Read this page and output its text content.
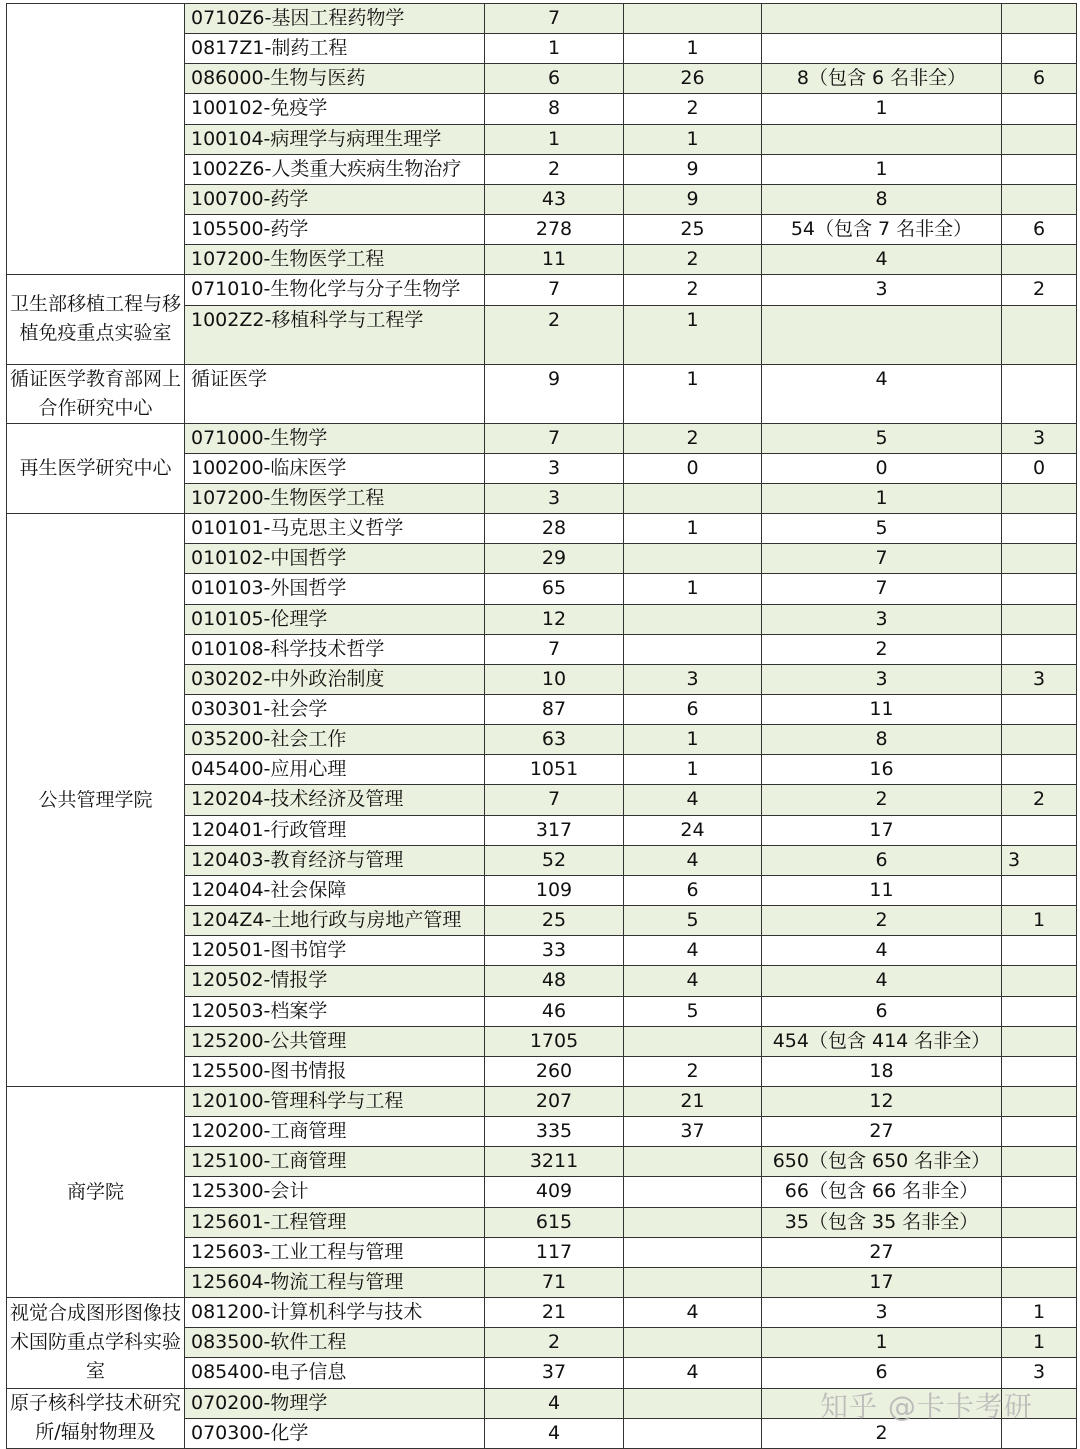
	0710Z6-基因工程药物学	7			
	0817Z1-制药工程	1	1		
	086000-生物与医药	6	26	8（包含 6 名非全）	6
	100102-免疫学	8	2	1	
	100104-病理学与病理生理学	1	1		
	1002Z6-人类重大疾病生物治疗	2	9	1	
	100700-药学	43	9	8	
	105500-药学	278	25	54（包含 7 名非全）	6
	107200-生物医学工程	11	2	4	
卫生部移植工程与移植免疫重点实验室	071010-生物化学与分子生物学	7	2	3	2
	1002Z2-移植科学与工程学	2	1		
循证医学教育部网上合作研究中心	循证医学	9	1	4	
再生医学研究中心	071000-生物学	7	2	5	3
	100200-临床医学	3	0	0	0
	107200-生物医学工程	3		1	
公共管理学院	010101-马克思主义哲学	28	1	5	
	010102-中国哲学	29		7	
	010103-外国哲学	65	1	7	
	010105-伦理学	12		3	
	010108-科学技术哲学	7		2	
	030202-中外政治制度	10	3	3	3
	030301-社会学	87	6	11	
	035200-社会工作	63	1	8	
	045400-应用心理	1051	1	16	
	120204-技术经济及管理	7	4	2	2
	120401-行政管理	317	24	17	
	120403-教育经济与管理	52	4	6	3
	120404-社会保障	109	6	11	
	1204Z4-土地行政与房地产管理	25	5	2	1
	120501-图书馆学	33	4	4	
	120502-情报学	48	4	4	
	120503-档案学	46	5	6	
	125200-公共管理	1705		454（包含 414 名非全）	
	125500-图书情报	260	2	18	
商学院	120100-管理科学与工程	207	21	12	
	120200-工商管理	335	37	27	
	125100-工商管理	3211		650（包含 650 名非全）	
	125300-会计	409		66（包含 66 名非全）	
	125601-工程管理	615		35（包含 35 名非全）	
	125603-工业工程与管理	117		27	
	125604-物流工程与管理	71		17	
视觉合成图形图像技术国防重点学科实验室	081200-计算机科学与技术	21	4	3	1
	083500-软件工程	2		1	1
	085400-电子信息	37	4	6	3
原子核科学技术研究所/辐射物理及	070200-物理学	4			
	070300-化学	4		2	
知乎 @卡卡考研
